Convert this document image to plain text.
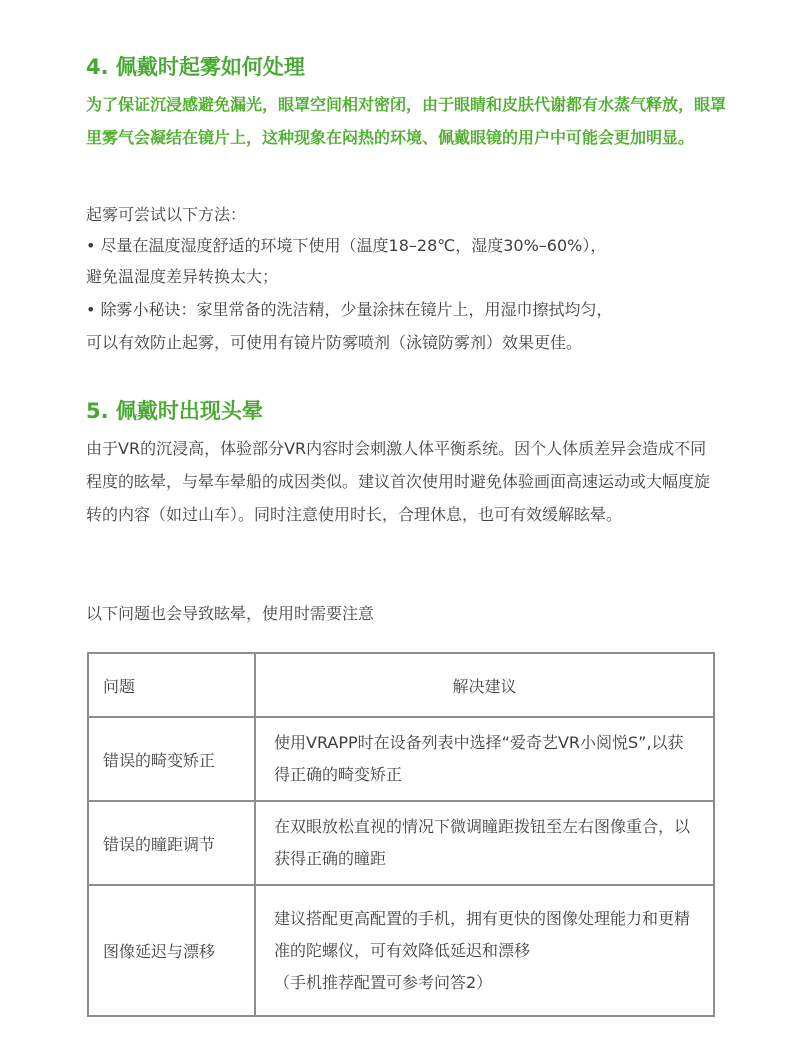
4. 佩戴时起雾如何处理
为了保证沉浸感避免漏光，眼罩空间相对密闭，由于眼睛和皮肤代谢都有水蒸气释放，眼罩里雾气会凝结在镜片上，这种现象在闷热的环境、佩戴眼镜的用户中可能会更加明显。
起雾可尝试以下方法：
• 尽量在温度湿度舒适的环境下使用（温度18–28℃，湿度30%–60%），
避免温湿度差异转换太大；
• 除雾小秘诀：家里常备的洗洁精，少量涂抹在镜片上，用湿巾擦拭均匀，
可以有效防止起雾，可使用有镜片防雾喷剂（泳镜防雾剂）效果更佳。
5. 佩戴时出现头晕
由于VR的沉浸高，体验部分VR内容时会刺激人体平衡系统。因个人体质差异会造成不同程度的眩晕，与晕车晕船的成因类似。建议首次使用时避免体验画面高速运动或大幅度旋转的内容（如过山车）。同时注意使用时长，合理休息，也可有效缓解眩晕。
以下问题也会导致眩晕，使用时需要注意
问题	解决建议
错误的畸变矫正	使用VRAPP时在设备列表中选择“爱奇艺VR小阅悦S”,以获得正确的畸变矫正
错误的瞳距调节	在双眼放松直视的情况下微调瞳距拨钮至左右图像重合，以获得正确的瞳距
图像延迟与漂移	建议搭配更高配置的手机，拥有更快的图像处理能力和更精准的陀螺仪，可有效降低延迟和漂移
（手机推荐配置可参考问答2）
